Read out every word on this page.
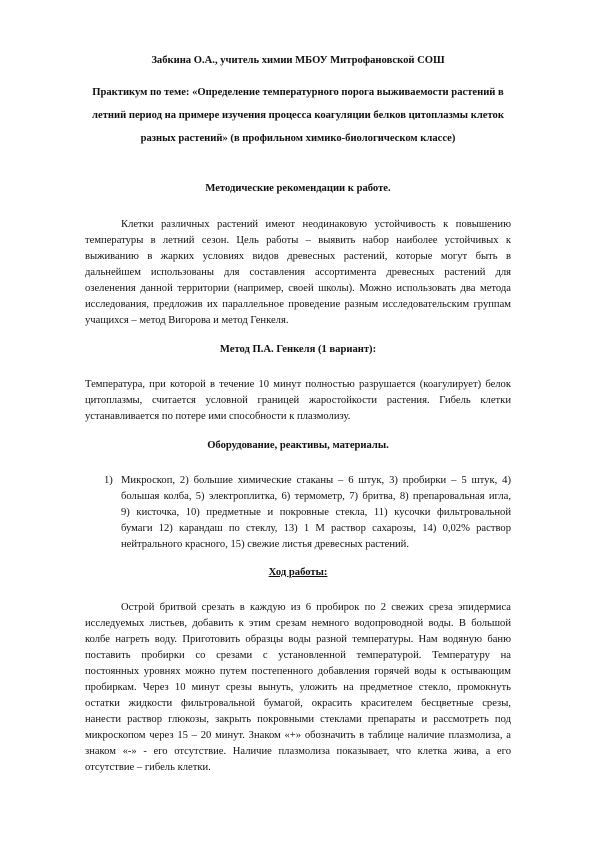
Забкина О.А., учитель химии МБОУ Митрофановской СОШ
Практикум по теме: «Определение температурного порога выживаемости растений в
летний период на примере изучения процесса коагуляции белков цитоплазмы клеток
разных растений» (в профильном химико-биологическом классе)
Методические рекомендации к работе.
Клетки различных растений имеют неодинаковую устойчивость к повышению
температуры в летний сезон. Цель работы – выявить набор наиболее устойчивых к
выживанию в жарких условиях видов древесных растений, которые могут быть в
дальнейшем использованы для составления ассортимента древесных растений для
озеленения данной территории (например, своей школы). Можно использовать два метода
исследования, предложив их параллельное проведение разным исследовательским группам
учащихся – метод Вигорова и метод Генкеля.
Метод П.А. Генкеля (1 вариант):
Температура, при которой в течение 10 минут полностью разрушается (коагулирует) белок
цитоплазмы, считается условной границей жаростойкости растения. Гибель клетки
устанавливается по потере ими способности к плазмолизу.
Оборудование, реактивы, материалы.
1) Микроскоп, 2) большие химические стаканы – 6 штук, 3) пробирки – 5 штук, 4)
большая колба, 5) электроплитка, 6) термометр, 7) бритва, 8) препаровальная игла,
9) кисточка, 10) предметные и покровные стекла, 11) кусочки фильтровальной
бумаги 12) карандаш по стеклу, 13) 1 М раствор сахарозы, 14) 0,02% раствор
нейтрального красного, 15) свежие листья древесных растений.
Ход работы:
Острой бритвой срезать в каждую из 6 пробирок по 2 свежих среза эпидермиса
исследуемых листьев, добавить к этим срезам немного водопроводной воды. В большой
колбе нагреть воду. Приготовить образцы воды разной температуры. Нам водяную баню
поставить пробирки со срезами с установленной температурой. Температуру на
постоянных уровнях можно путем постепенного добавления горячей воды к остывающим
пробиркам. Через 10 минут срезы вынуть, уложить на предметное стекло, промокнуть
остатки жидкости фильтровальной бумагой, окрасить красителем бесцветные срезы,
нанести раствор глюкозы, закрыть покровными стеклами препараты и рассмотреть под
микроскопом через 15 – 20 минут. Знаком «+» обозначить в таблице наличие плазмолиза, а
знаком «-» - его отсутствие. Наличие плазмолиза показывает, что клетка жива, а его
отсутствие – гибель клетки.
